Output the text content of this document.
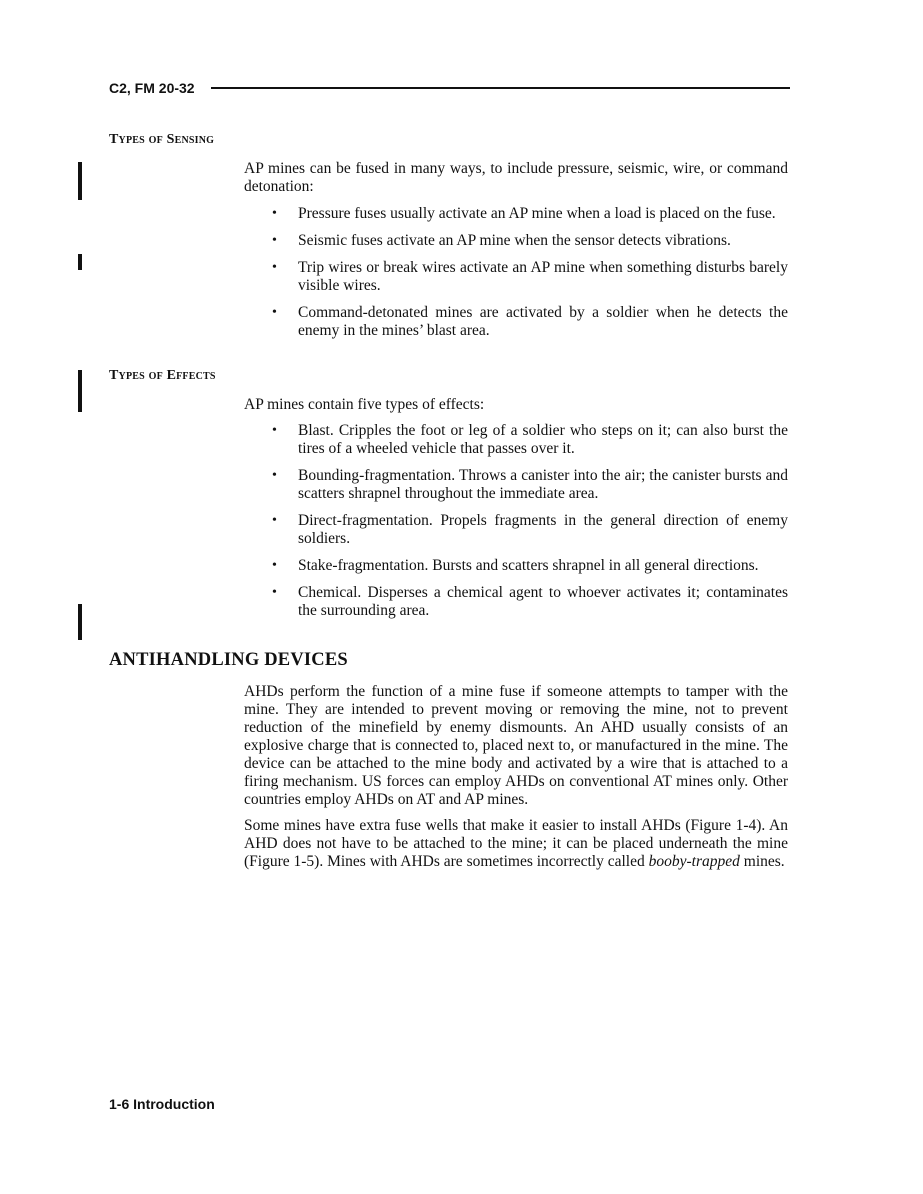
C2, FM 20-32
Types of Sensing

AP mines can be fused in many ways, to include pressure, seismic, wire, or command detonation:

• Pressure fuses usually activate an AP mine when a load is placed on the fuse.
• Seismic fuses activate an AP mine when the sensor detects vibrations.
• Trip wires or break wires activate an AP mine when something disturbs barely visible wires.
• Command-detonated mines are activated by a soldier when he detects the enemy in the mines’ blast area.
Types of Effects

AP mines contain five types of effects:

• Blast. Cripples the foot or leg of a soldier who steps on it; can also burst the tires of a wheeled vehicle that passes over it.
• Bounding-fragmentation. Throws a canister into the air; the canister bursts and scatters shrapnel throughout the immediate area.
• Direct-fragmentation. Propels fragments in the general direction of enemy soldiers.
• Stake-fragmentation. Bursts and scatters shrapnel in all general directions.
• Chemical. Disperses a chemical agent to whoever activates it; contaminates the surrounding area.
ANTIHANDLING DEVICES

AHDs perform the function of a mine fuse if someone attempts to tamper with the mine. They are intended to prevent moving or removing the mine, not to prevent reduction of the minefield by enemy dismounts. An AHD usually consists of an explosive charge that is connected to, placed next to, or manufactured in the mine. The device can be attached to the mine body and activated by a wire that is attached to a firing mechanism. US forces can employ AHDs on conventional AT mines only. Other countries employ AHDs on AT and AP mines.

Some mines have extra fuse wells that make it easier to install AHDs (Figure 1-4). An AHD does not have to be attached to the mine; it can be placed underneath the mine (Figure 1-5). Mines with AHDs are sometimes incorrectly called booby-trapped mines.

1-6 Introduction
